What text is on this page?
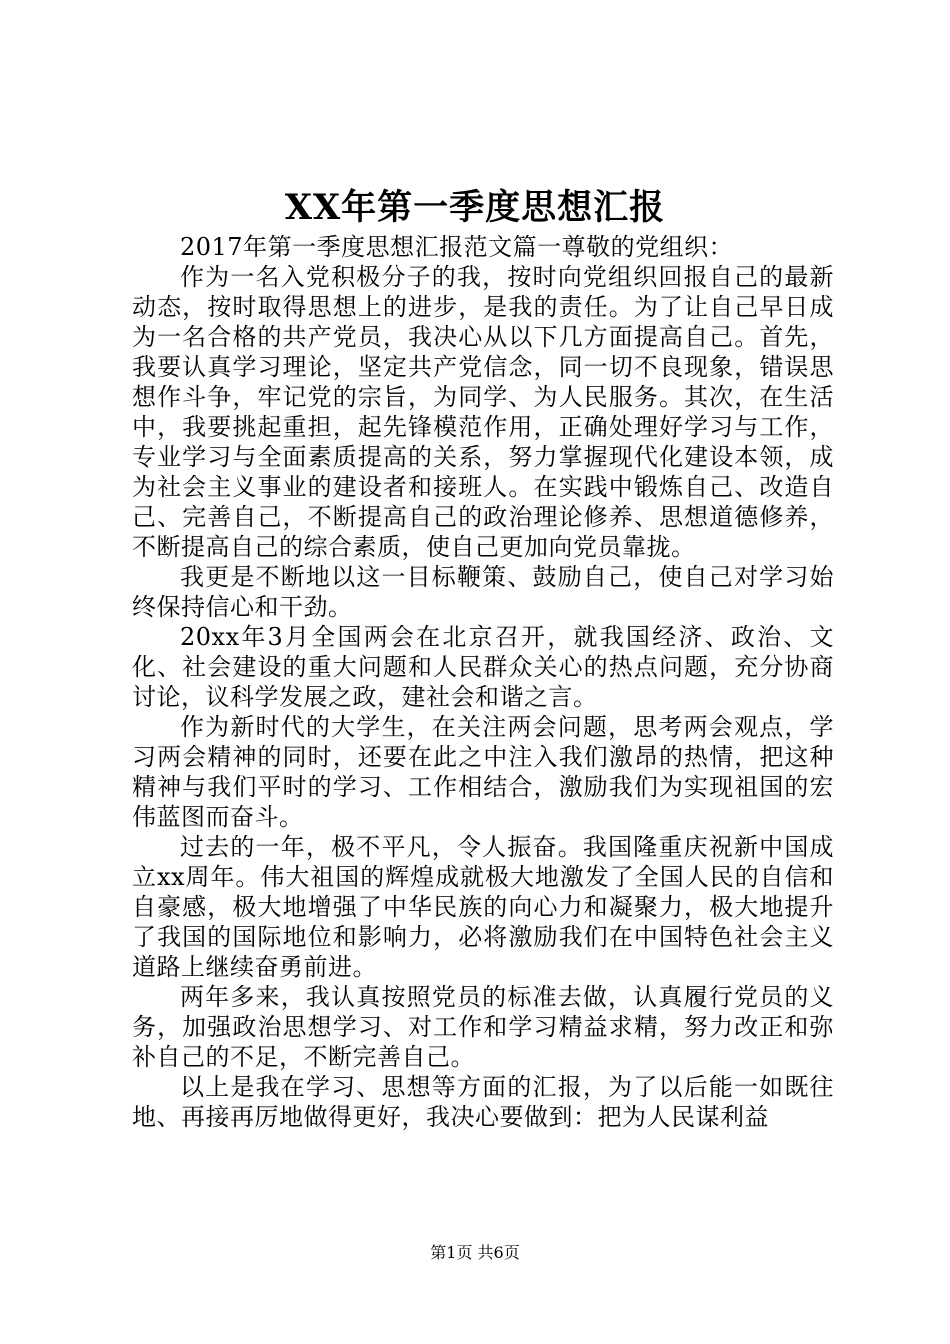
XX年第一季度思想汇报

2017年第一季度思想汇报范文篇一尊敬的党组织：

作为一名入党积极分子的我，按时向党组织回报自己的最新动态，按时取得思想上的进步，是我的责任。为了让自己早日成为一名合格的共产党员，我决心从以下几方面提高自己。首先，我要认真学习理论，坚定共产党信念，同一切不良现象，错误思想作斗争，牢记党的宗旨，为同学、为人民服务。其次，在生活中，我要挑起重担，起先锋模范作用，正确处理好学习与工作，专业学习与全面素质提高的关系，努力掌握现代化建设本领，成为社会主义事业的建设者和接班人。在实践中锻炼自己、改造自己、完善自己，不断提高自己的政治理论修养、思想道德修养，不断提高自己的综合素质，使自己更加向党员靠拢。

我更是不断地以这一目标鞭策、鼓励自己，使自己对学习始终保持信心和干劲。

20xx年3月全国两会在北京召开，就我国经济、政治、文化、社会建设的重大问题和人民群众关心的热点问题，充分协商讨论，议科学发展之政，建社会和谐之言。

作为新时代的大学生，在关注两会问题，思考两会观点，学习两会精神的同时，还要在此之中注入我们激昂的热情，把这种精神与我们平时的学习、工作相结合，激励我们为实现祖国的宏伟蓝图而奋斗。

过去的一年，极不平凡，令人振奋。我国隆重庆祝新中国成立xx周年。伟大祖国的辉煌成就极大地激发了全国人民的自信和自豪感，极大地增强了中华民族的向心力和凝聚力，极大地提升了我国的国际地位和影响力，必将激励我们在中国特色社会主义道路上继续奋勇前进。

两年多来，我认真按照党员的标准去做，认真履行党员的义务，加强政治思想学习、对工作和学习精益求精，努力改正和弥补自己的不足，不断完善自己。

以上是我在学习、思想等方面的汇报，为了以后能一如既往地、再接再厉地做得更好，我决心要做到：把为人民谋利益

第1页 共6页
